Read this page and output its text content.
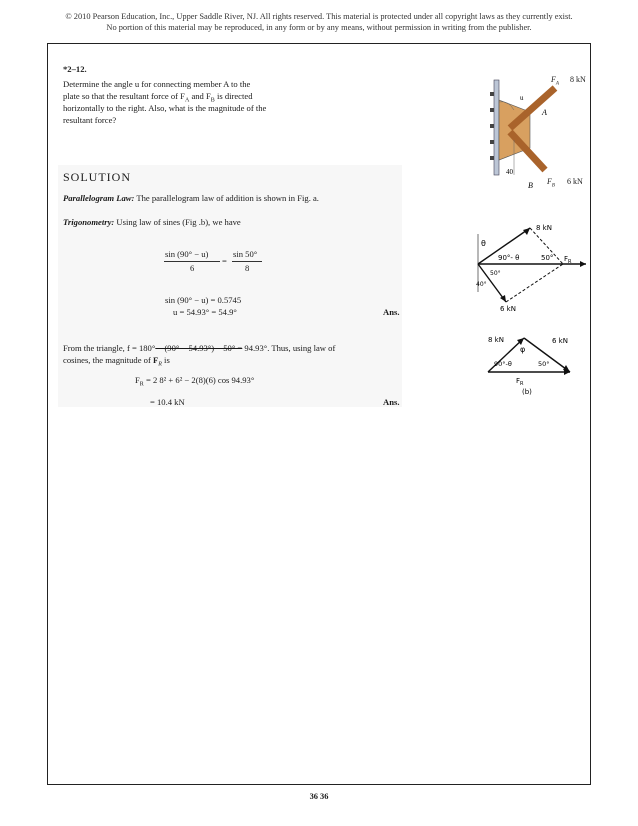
© 2010 Pearson Education, Inc., Upper Saddle River, NJ. All rights reserved. This material is protected under all copyright laws as they currently exist.
No portion of this material may be reproduced, in any form or by any means, without permission in writing from the publisher.
*2–12.
Determine the angle u for connecting member A to the
plate so that the resultant force of $F_A$ and $F_B$ is directed
horizontally to the right. Also, what is the magnitude of the
resultant force?
u
A
40
B
$F_A$
8 kN
$F_B$
6 kN
SOLUTION
Parallelogram Law: The parallelogram law of addition is shown in Fig. a.
Trigonometry: Using law of sines (Fig .b), we have
sin (90° − u)
6
=
sin 50°
8
sin (90° − u) = 0.5745
u = 54.93° = 54.9°	Ans.
From the triangle, f = 180° − (90° − 54.93°) − 50° = 94.93°. Thus, using law of
cosines, the magnitude of $F_R$ is
$F_R = 2$ 8² + 6² − 2(8)(6) cos 94.93°
= 10.4 kN	Ans.
θ
8 kN
90°- θ	50°
50°
40°
$F_R$
6 kN
8 kN	6 kN
φ
90°-θ	50°
$F_R$
(b)
36 36
